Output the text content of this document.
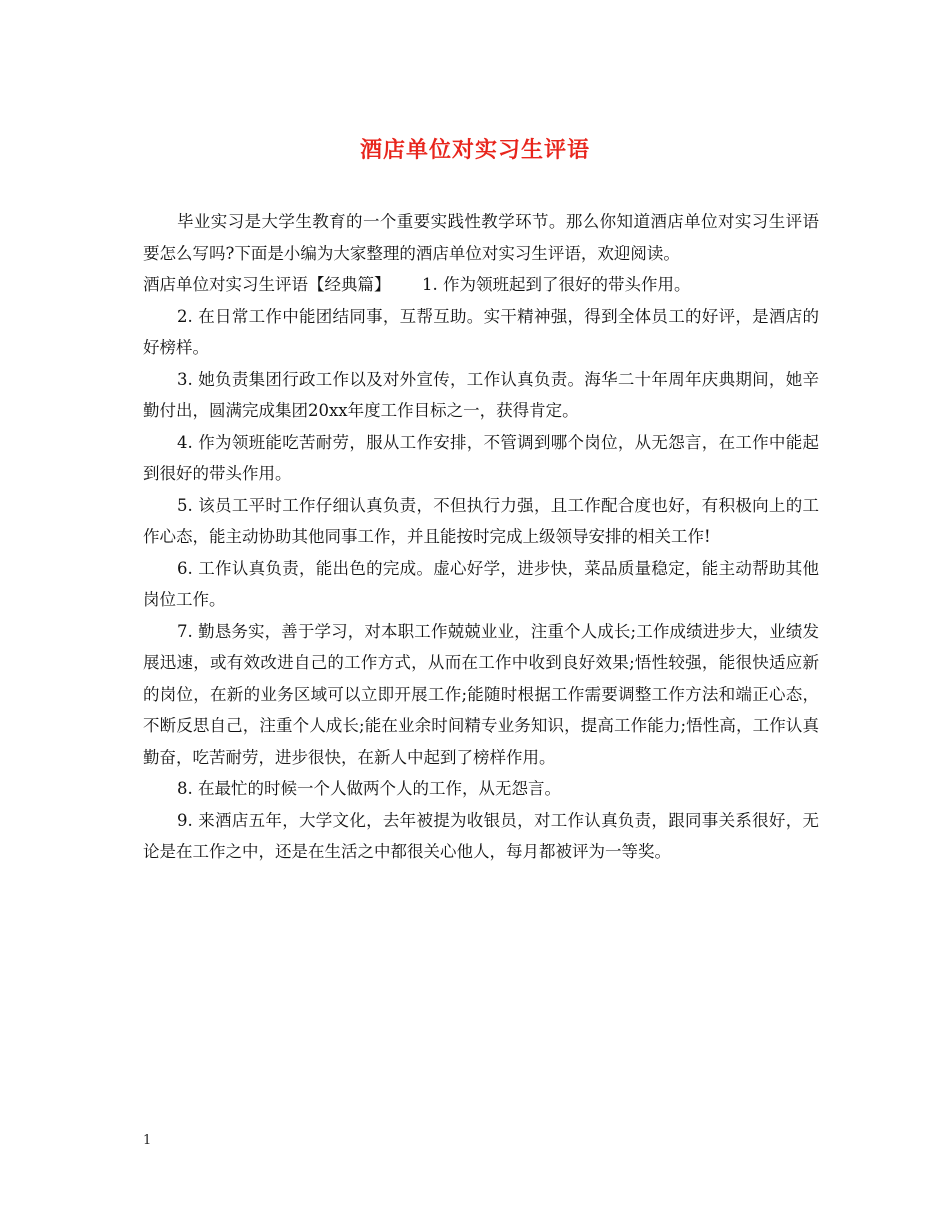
酒店单位对实习生评语

毕业实习是大学生教育的一个重要实践性教学环节。那么你知道酒店单位对实习生评语要怎么写吗?下面是小编为大家整理的酒店单位对实习生评语，欢迎阅读。

酒店单位对实习生评语【经典篇】 1. 作为领班起到了很好的带头作用。

2. 在日常工作中能团结同事，互帮互助。实干精神强，得到全体员工的好评，是酒店的好榜样。

3. 她负责集团行政工作以及对外宣传，工作认真负责。海华二十年周年庆典期间，她辛勤付出，圆满完成集团20xx年度工作目标之一，获得肯定。

4. 作为领班能吃苦耐劳，服从工作安排，不管调到哪个岗位，从无怨言，在工作中能起到很好的带头作用。

5. 该员工平时工作仔细认真负责，不但执行力强，且工作配合度也好，有积极向上的工作心态，能主动协助其他同事工作，并且能按时完成上级领导安排的相关工作!

6. 工作认真负责，能出色的完成。虚心好学，进步快，菜品质量稳定，能主动帮助其他岗位工作。

7. 勤恳务实，善于学习，对本职工作兢兢业业，注重个人成长;工作成绩进步大，业绩发展迅速，或有效改进自己的工作方式，从而在工作中收到良好效果;悟性较强，能很快适应新的岗位，在新的业务区域可以立即开展工作;能随时根据工作需要调整工作方法和端正心态，不断反思自己，注重个人成长;能在业余时间精专业务知识，提高工作能力;悟性高，工作认真勤奋，吃苦耐劳，进步很快，在新人中起到了榜样作用。

8. 在最忙的时候一个人做两个人的工作，从无怨言。

9. 来酒店五年，大学文化，去年被提为收银员，对工作认真负责，跟同事关系很好，无论是在工作之中，还是在生活之中都很关心他人，每月都被评为一等奖。

1
